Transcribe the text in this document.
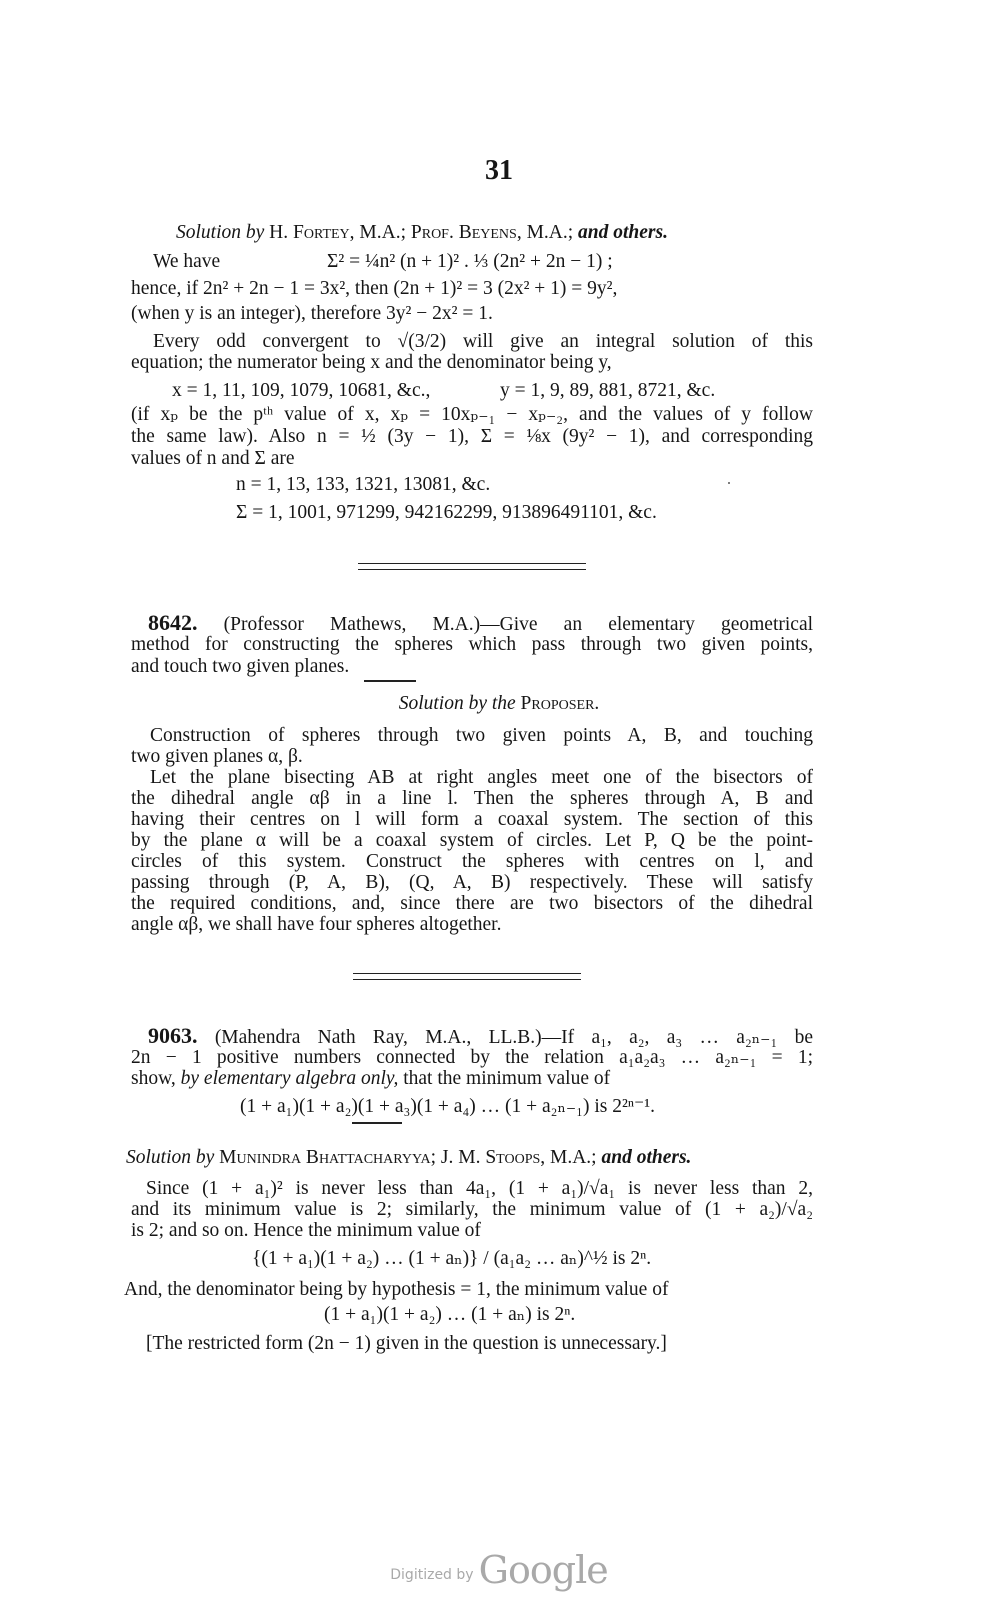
31
Solution by H. Fortey, M.A.; Prof. Beyens, M.A.; and others.
We have	Σ² = ¼n² (n + 1)² . ⅓ (2n² + 2n − 1) ;
hence, if 2n² + 2n − 1 = 3x², then (2n + 1)² = 3 (2x² + 1) = 9y²,
(when y is an integer), therefore 3y² − 2x² = 1.
Every odd convergent to √(3/2) will give an integral solution of this
equation; the numerator being x and the denominator being y,
x = 1, 11, 109, 1079, 10681, &c.,	y = 1, 9, 89, 881, 8721, &c.
(if xₚ be the pᵗʰ value of x, xₚ = 10xₚ₋₁ − xₚ₋₂, and the values of y follow
the same law). Also n = ½ (3y − 1), Σ = ⅛x (9y² − 1), and corresponding
values of n and Σ are
n = 1, 13, 133, 1321, 13081, &c.
Σ = 1, 1001, 971299, 942162299, 913896491101, &c.
8642. (Professor Mathews, M.A.)—Give an elementary geometrical
method for constructing the spheres which pass through two given points,
and touch two given planes.
Solution by the Proposer.
Construction of spheres through two given points A, B, and touching
two given planes α, β.
Let the plane bisecting AB at right angles meet one of the bisectors of
the dihedral angle αβ in a line l. Then the spheres through A, B and
having their centres on l will form a coaxal system. The section of this
by the plane α will be a coaxal system of circles. Let P, Q be the point-
circles of this system. Construct the spheres with centres on l, and
passing through (P, A, B), (Q, A, B) respectively. These will satisfy
the required conditions, and, since there are two bisectors of the dihedral
angle αβ, we shall have four spheres altogether.
9063. (Mahendra Nath Ray, M.A., LL.B.)—If a₁, a₂, a₃ … a₂ₙ₋₁ be
2n − 1 positive numbers connected by the relation a₁a₂a₃ … a₂ₙ₋₁ = 1;
show, by elementary algebra only, that the minimum value of
(1 + a₁)(1 + a₂)(1 + a₃)(1 + a₄) … (1 + a₂ₙ₋₁) is 2²ⁿ⁻¹.
Solution by Munindra Bhattacharyya; J. M. Stoops, M.A.; and others.
Since (1 + a₁)² is never less than 4a₁, (1 + a₁)/√a₁ is never less than 2,
and its minimum value is 2; similarly, the minimum value of (1 + a₂)/√a₂
is 2; and so on. Hence the minimum value of
{(1 + a₁)(1 + a₂) … (1 + aₙ)} / (a₁a₂ … aₙ)^½ is 2ⁿ.
And, the denominator being by hypothesis = 1, the minimum value of
(1 + a₁)(1 + a₂) … (1 + aₙ) is 2ⁿ.
[The restricted form (2n − 1) given in the question is unnecessary.]
Digitized by Google
